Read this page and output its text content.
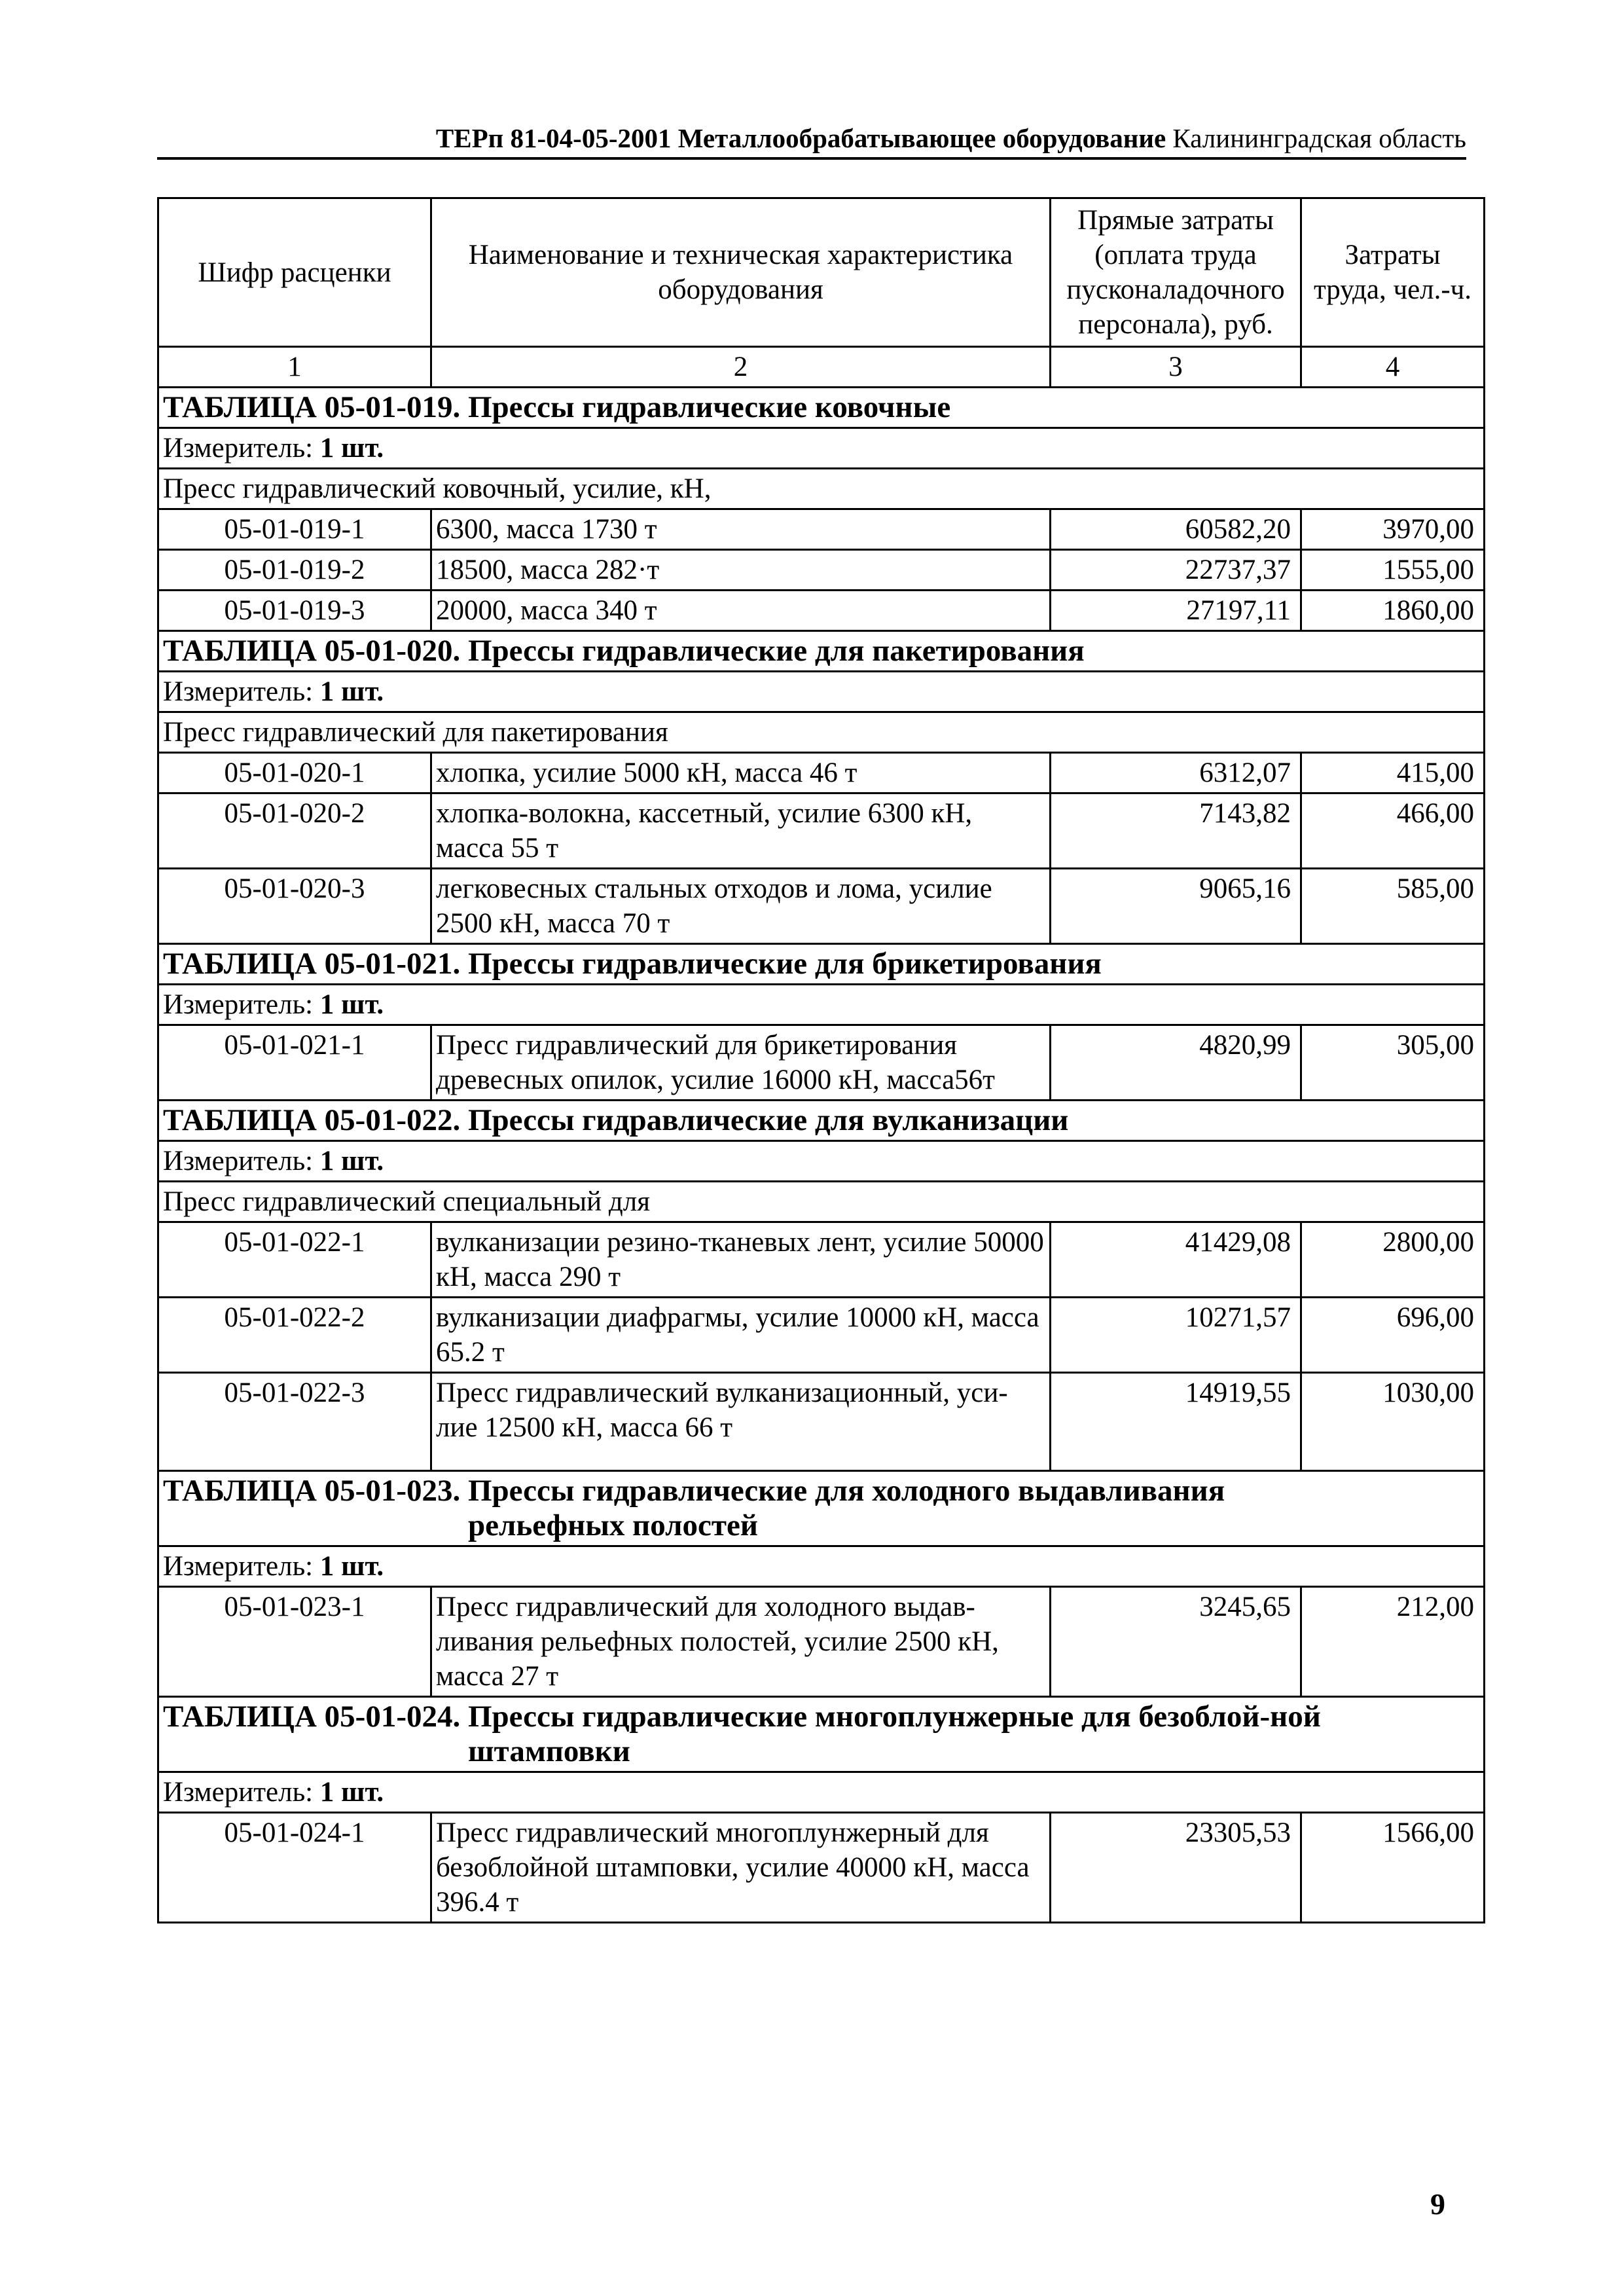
ТЕРп 81-04-05-2001 Металлообрабатывающее оборудование Калининградская область
Шифр расценки	Наименование и техническая характеристика оборудования	Прямые затраты (оплата труда пусконаладочного персонала), руб.	Затраты труда, чел.-ч.
1	2	3	4
ТАБЛИЦА 05-01-019. Прессы гидравлические ковочные			
Измеритель: 1 шт.			
Пресс гидравлический ковочный, усилие, кН,			
05-01-019-1	6300, масса 1730 т	60582,20	3970,00
05-01-019-2	18500, масса 282·т	22737,37	1555,00
05-01-019-3	20000, масса 340 т	27197,11	1860,00
ТАБЛИЦА 05-01-020. Прессы гидравлические для пакетирования			
Измеритель: 1 шт.			
Пресс гидравлический для пакетирования			
05-01-020-1	хлопка, усилие 5000 кН, масса 46 т	6312,07	415,00
05-01-020-2	хлопка-волокна, кассетный, усилие 6300 кН, масса 55 т	7143,82	466,00
05-01-020-3	легковесных стальных отходов и лома, усилие 2500 кН, масса 70 т	9065,16	585,00
ТАБЛИЦА 05-01-021. Прессы гидравлические для брикетирования			
Измеритель: 1 шт.			
05-01-021-1	Пресс гидравлический для брикетирования древесных опилок, усилие 16000 кН, масса56т	4820,99	305,00
ТАБЛИЦА 05-01-022. Прессы гидравлические для вулканизации			
Измеритель: 1 шт.			
Пресс гидравлический специальный для			
05-01-022-1	вулканизации резино-тканевых лент, усилие 50000 кН, масса 290 т	41429,08	2800,00
05-01-022-2	вулканизации диафрагмы, усилие 10000 кН, масса 65.2 т	10271,57	696,00
05-01-022-3	Пресс гидравлический вулканизационный, уси-лие 12500 кН, масса 66 т	14919,55	1030,00
ТАБЛИЦА 05-01-023. Прессы гидравлические для холодного выдавливания рельефных полостей			
Измеритель: 1 шт.			
05-01-023-1	Пресс гидравлический для холодного выдав-ливания рельефных полостей, усилие 2500 кН, масса 27 т	3245,65	212,00
ТАБЛИЦА 05-01-024. Прессы гидравлические многоплунжерные для безоблой-ной штамповки			
Измеритель: 1 шт.			
05-01-024-1	Пресс гидравлический многоплунжерный для безоблойной штамповки, усилие 40000 кН, масса 396.4 т	23305,53	1566,00
9
